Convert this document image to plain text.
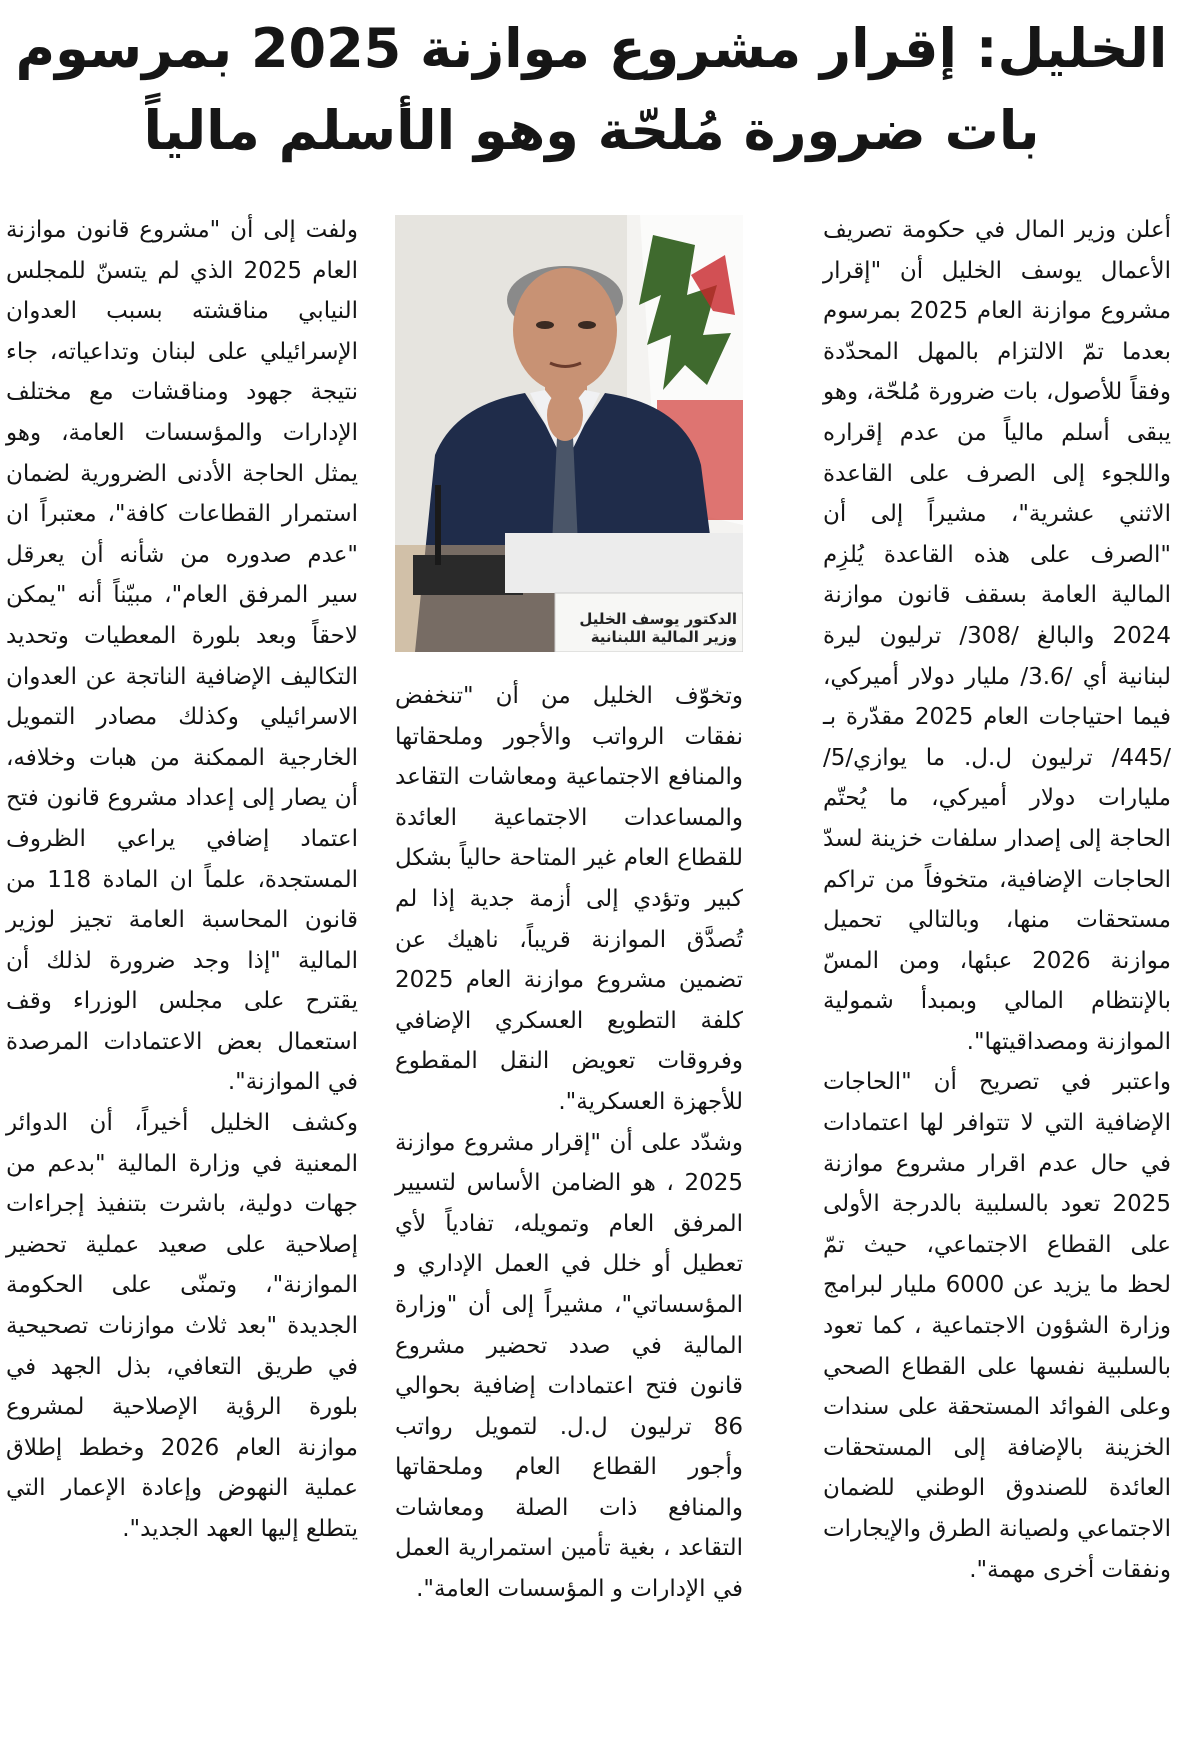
الخليل: إقرار مشروع موازنة 2025 بمرسوم
بات ضرورة مُلحّة وهو الأسلم مالياً

أعلن وزير المال في حكومة تصريف الأعمال يوسف الخليل أن "إقرار مشروع موازنة العام 2025 بمرسوم بعدما تمّ الالتزام بالمهل المحدّدة وفقاً للأصول، بات ضرورة مُلحّة، وهو يبقى أسلم مالياً من عدم إقراره واللجوء إلى الصرف على القاعدة الاثني عشرية"، مشيراً إلى أن "الصرف على هذه القاعدة يُلزِم المالية العامة بسقف قانون موازنة 2024 والبالغ /308/ ترليون ليرة لبنانية أي /3.6/ مليار دولار أميركي، فيما احتياجات العام 2025 مقدّرة بـ /445/ ترليون ل.ل. ما يوازي/5/ مليارات دولار أميركي، ما يُحتّم الحاجة إلى إصدار سلفات خزينة لسدّ الحاجات الإضافية، متخوفاً من تراكم مستحقات منها، وبالتالي تحميل موازنة 2026 عبئها، ومن المسّ بالإنتظام المالي وبمبدأ شمولية الموازنة ومصداقيتها".

واعتبر في تصريح أن "الحاجات الإضافية التي لا تتوافر لها اعتمادات في حال عدم اقرار مشروع موازنة 2025 تعود بالسلبية بالدرجة الأولى على القطاع الاجتماعي، حيث تمّ لحظ ما يزيد عن 6000 مليار لبرامج وزارة الشؤون الاجتماعية ، كما تعود بالسلبية نفسها على القطاع الصحي وعلى الفوائد المستحقة على سندات الخزينة بالإضافة إلى المستحقات العائدة للصندوق الوطني للضمان الاجتماعي ولصيانة الطرق والإيجارات ونفقات أخرى مهمة".

الدكتور يوسف الخليل
وزير المالية اللبنانية

وتخوّف الخليل من أن "تنخفض نفقات الرواتب والأجور وملحقاتها والمنافع الاجتماعية ومعاشات التقاعد والمساعدات الاجتماعية العائدة للقطاع العام غير المتاحة حالياً بشكل كبير وتؤدي إلى أزمة جدية إذا لم تُصدَّق الموازنة قريباً، ناهيك عن تضمين مشروع موازنة العام 2025 كلفة التطويع العسكري الإضافي وفروقات تعويض النقل المقطوع للأجهزة العسكرية".

وشدّد على أن "إقرار مشروع موازنة 2025 ، هو الضامن الأساس لتسيير المرفق العام وتمويله، تفادياً لأي تعطيل أو خلل في العمل الإداري و المؤسساتي"، مشيراً إلى أن "وزارة المالية في صدد تحضير مشروع قانون فتح اعتمادات إضافية بحوالي 86 ترليون ل.ل. لتمويل رواتب وأجور القطاع العام وملحقاتها والمنافع ذات الصلة ومعاشات التقاعد ، بغية تأمين استمرارية العمل في الإدارات و المؤسسات العامة".

ولفت إلى أن "مشروع قانون موازنة العام 2025 الذي لم يتسنّ للمجلس النيابي مناقشته بسبب العدوان الإسرائيلي على لبنان وتداعياته، جاء نتيجة جهود ومناقشات مع مختلف الإدارات والمؤسسات العامة، وهو يمثل الحاجة الأدنى الضرورية لضمان استمرار القطاعات كافة"، معتبراً ان "عدم صدوره من شأنه أن يعرقل سير المرفق العام"، مبيّناً أنه "يمكن لاحقاً وبعد بلورة المعطيات وتحديد التكاليف الإضافية الناتجة عن العدوان الاسرائيلي وكذلك مصادر التمويل الخارجية الممكنة من هبات وخلافه، أن يصار إلى إعداد مشروع قانون فتح اعتماد إضافي يراعي الظروف المستجدة، علماً ان المادة 118 من قانون المحاسبة العامة تجيز لوزير المالية "إذا وجد ضرورة لذلك أن يقترح على مجلس الوزراء وقف استعمال بعض الاعتمادات المرصدة في الموازنة".

وكشف الخليل أخيراً، أن الدوائر المعنية في وزارة المالية "بدعم من جهات دولية، باشرت بتنفيذ إجراءات إصلاحية على صعيد عملية تحضير الموازنة"، وتمنّى على الحكومة الجديدة "بعد ثلاث موازنات تصحيحية في طريق التعافي، بذل الجهد في بلورة الرؤية الإصلاحية لمشروع موازنة العام 2026 وخطط إطلاق عملية النهوض وإعادة الإعمار التي يتطلع إليها العهد الجديد".
